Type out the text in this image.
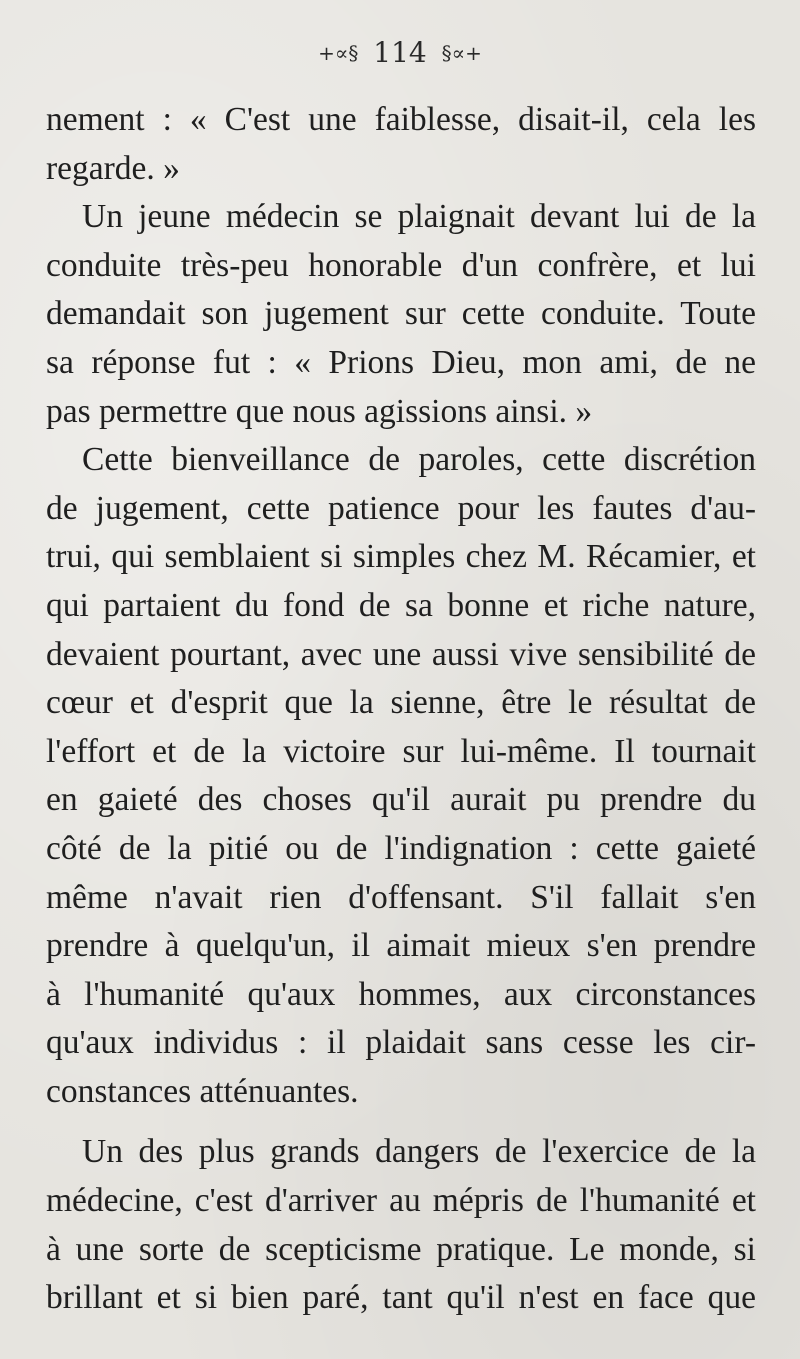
+∝§ 114 §∝+
nement : « C'est une faiblesse, disait-il, cela les
regarde. »
Un jeune médecin se plaignait devant lui de la
conduite très-peu honorable d'un confrère, et lui
demandait son jugement sur cette conduite. Toute
sa réponse fut : « Prions Dieu, mon ami, de ne
pas permettre que nous agissions ainsi. »
Cette bienveillance de paroles, cette discrétion
de jugement, cette patience pour les fautes d'au-
trui, qui semblaient si simples chez M. Récamier, et
qui partaient du fond de sa bonne et riche nature,
devaient pourtant, avec une aussi vive sensibilité de
cœur et d'esprit que la sienne, être le résultat de
l'effort et de la victoire sur lui-même. Il tournait
en gaieté des choses qu'il aurait pu prendre du
côté de la pitié ou de l'indignation : cette gaieté
même n'avait rien d'offensant. S'il fallait s'en
prendre à quelqu'un, il aimait mieux s'en prendre
à l'humanité qu'aux hommes, aux circonstances
qu'aux individus : il plaidait sans cesse les cir-
constances atténuantes.
Un des plus grands dangers de l'exercice de la
médecine, c'est d'arriver au mépris de l'humanité et
à une sorte de scepticisme pratique. Le monde, si
brillant et si bien paré, tant qu'il n'est en face que
